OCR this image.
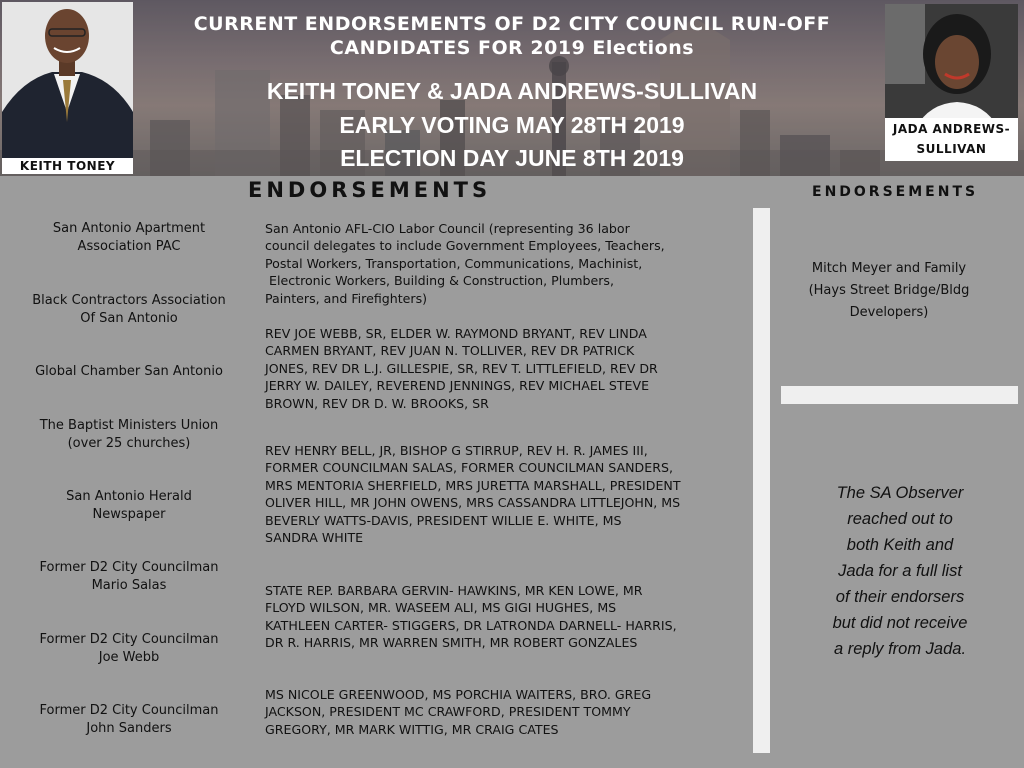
CURRENT ENDORSEMENTS OF D2 CITY COUNCIL RUN-OFF
CANDIDATES FOR 2019 Elections
KEITH TONEY & JADA ANDREWS-SULLIVAN
EARLY VOTING MAY 28TH 2019
ELECTION DAY JUNE 8TH 2019
KEITH TONEY
JADA ANDREWS-
SULLIVAN
ENDORSEMENTS	ENDORSEMENTS
San Antonio Apartment
Association PAC
Black Contractors Association
Of San Antonio
Global Chamber San Antonio
The Baptist Ministers Union
(over 25 churches)
San Antonio Herald
Newspaper
Former D2 City Councilman
Mario Salas
Former D2 City Councilman
Joe Webb
Former D2 City Councilman
John Sanders
San Antonio AFL-CIO Labor Council (representing 36 labor
council delegates to include Government Employees, Teachers,
Postal Workers, Transportation, Communications, Machinist,
Electronic Workers, Building & Construction, Plumbers,
Painters, and Firefighters)
REV JOE WEBB, SR, ELDER W. RAYMOND BRYANT, REV LINDA
CARMEN BRYANT, REV JUAN N. TOLLIVER, REV DR PATRICK
JONES, REV DR L.J. GILLESPIE, SR, REV T. LITTLEFIELD, REV DR
JERRY W. DAILEY, REVEREND JENNINGS, REV MICHAEL STEVE
BROWN, REV DR D. W. BROOKS, SR
REV HENRY BELL, JR, BISHOP G STIRRUP, REV H. R. JAMES III,
FORMER COUNCILMAN SALAS, FORMER COUNCILMAN SANDERS,
MRS MENTORIA SHERFIELD, MRS JURETTA MARSHALL, PRESIDENT
OLIVER HILL, MR JOHN OWENS, MRS CASSANDRA LITTLEJOHN, MS
BEVERLY WATTS-DAVIS, PRESIDENT WILLIE E. WHITE, MS
SANDRA WHITE
STATE REP. BARBARA GERVIN- HAWKINS, MR KEN LOWE, MR
FLOYD WILSON, MR. WASEEM ALI, MS GIGI HUGHES, MS
KATHLEEN CARTER- STIGGERS, DR LATRONDA DARNELL- HARRIS,
DR R. HARRIS, MR WARREN SMITH, MR ROBERT GONZALES
MS NICOLE GREENWOOD, MS PORCHIA WAITERS, BRO. GREG
JACKSON, PRESIDENT MC CRAWFORD, PRESIDENT TOMMY
GREGORY, MR MARK WITTIG, MR CRAIG CATES
Mitch Meyer and Family
(Hays Street Bridge/Bldg
Developers)
The SA Observer
reached out to
both Keith and
Jada for a full list
of their endorsers
but did not receive
a reply from Jada.
